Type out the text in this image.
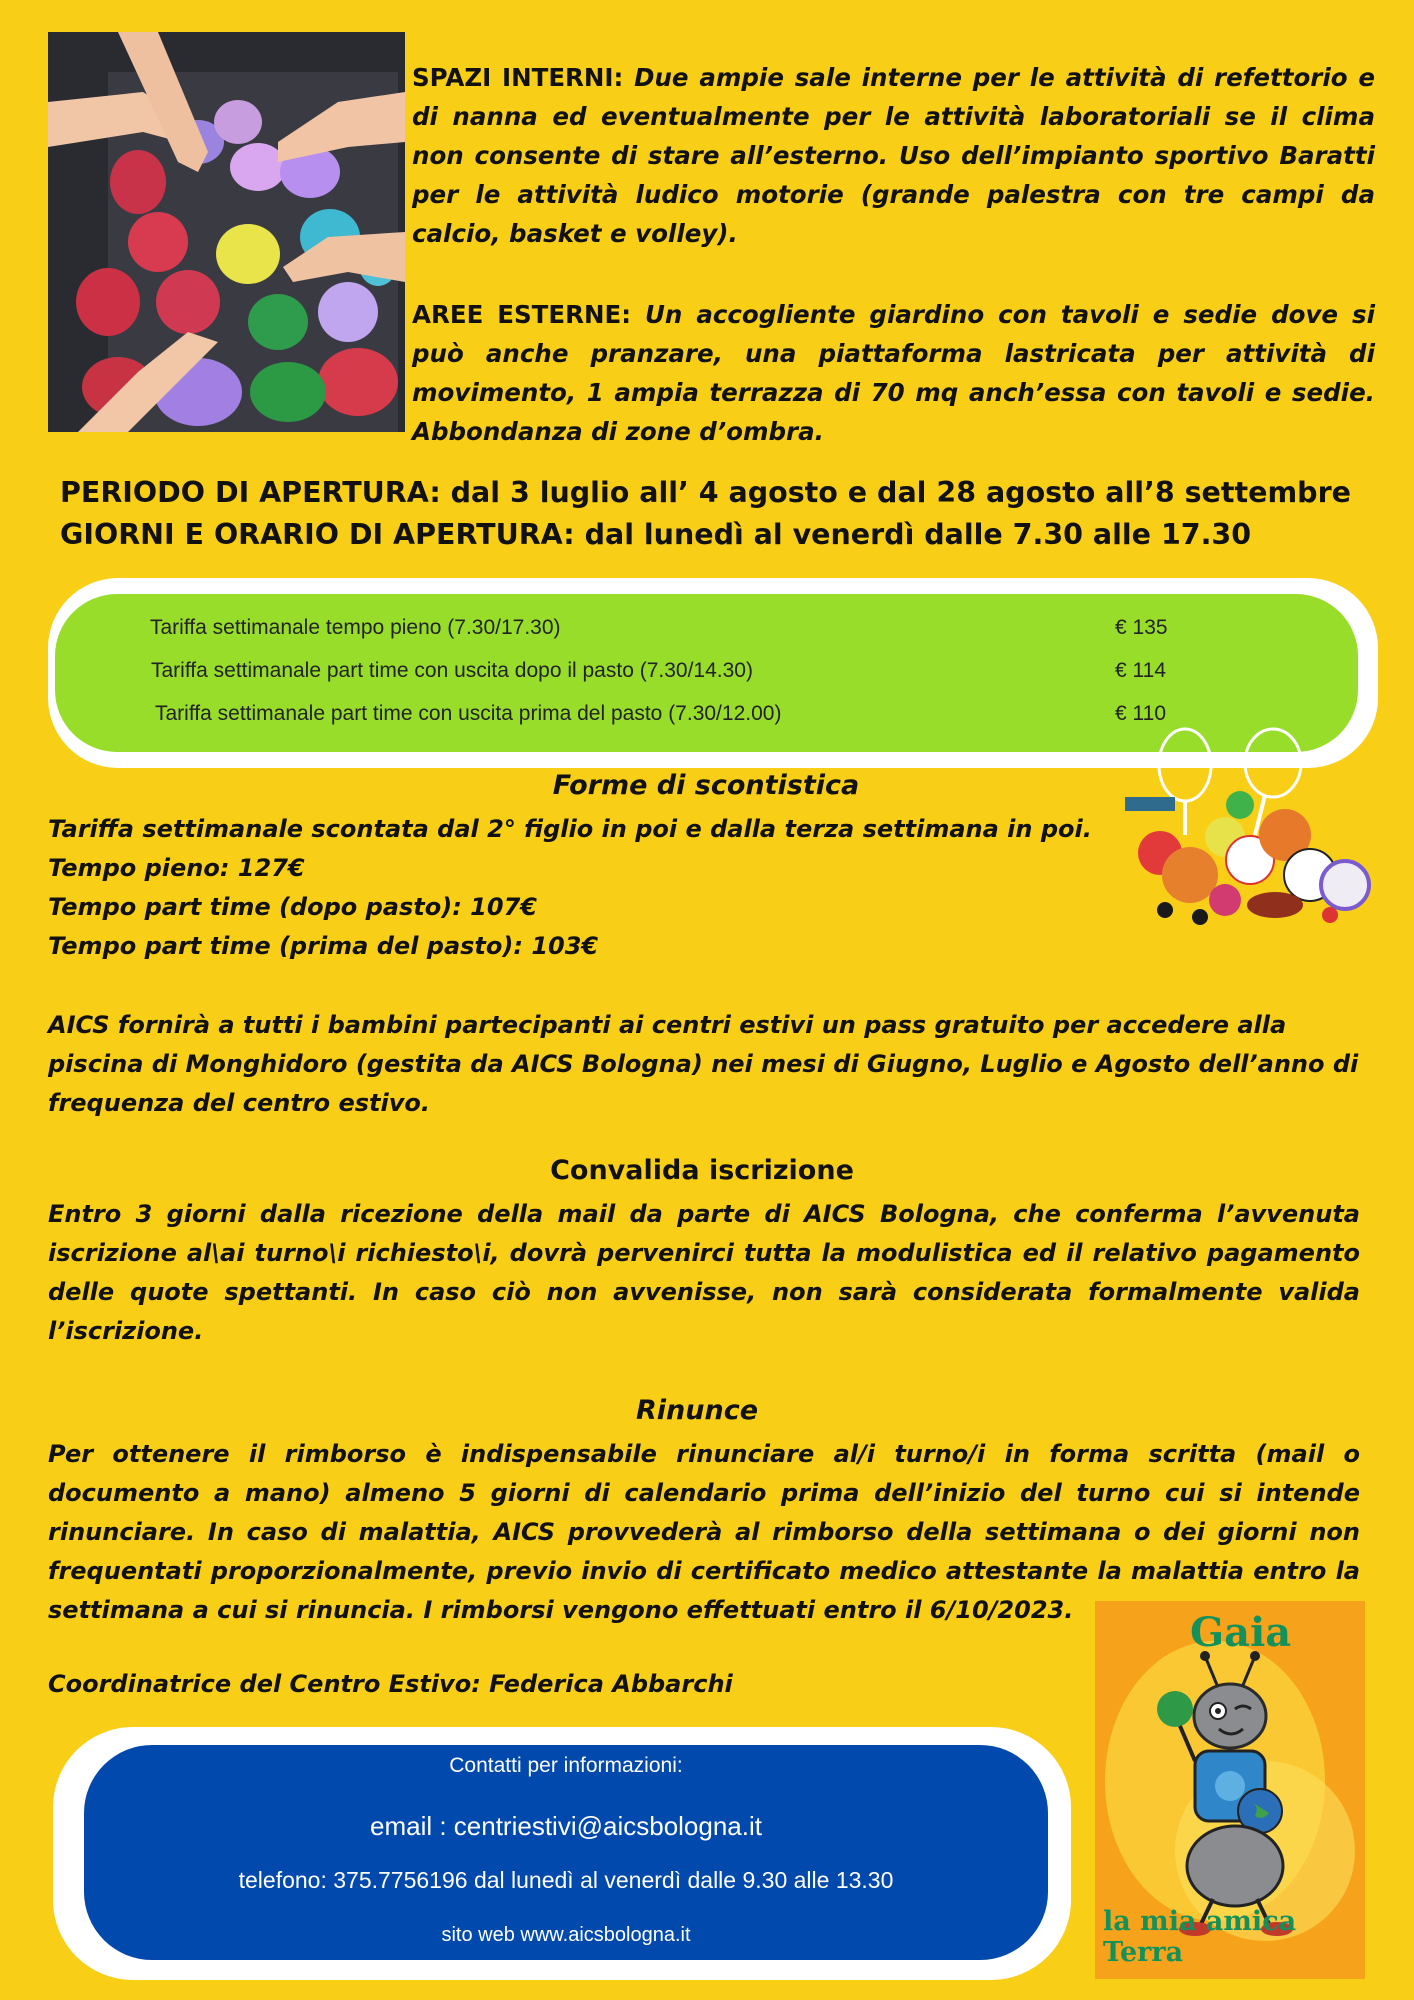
SPAZI INTERNI: Due ampie sale interne per le attività di refettorio e di nanna ed eventualmente per le attività laboratoriali se il clima non consente di stare all’esterno. Uso dell’impianto sportivo Baratti per le attività ludico motorie (grande palestra con tre campi da calcio, basket e volley).
AREE ESTERNE: Un accogliente giardino con tavoli e sedie dove si può anche pranzare, una piattaforma lastricata per attività di movimento, 1 ampia terrazza di 70 mq anch’essa con tavoli e sedie. Abbondanza di zone d’ombra.
PERIODO DI APERTURA: dal 3 luglio all’ 4 agosto e dal 28 agosto all’8 settembre
GIORNI E ORARIO DI APERTURA: dal lunedì al venerdì dalle 7.30 alle 17.30
Tariffa settimanale tempo pieno (7.30/17.30)	€ 135
Tariffa settimanale part time con uscita dopo il pasto (7.30/14.30)	€ 114
Tariffa settimanale part time con uscita prima del pasto (7.30/12.00)	€ 110
Forme di scontistica
Tariffa settimanale scontata dal 2° figlio in poi e dalla terza settimana in poi.
Tempo pieno: 127€
Tempo part time (dopo pasto): 107€
Tempo part time (prima del pasto): 103€
AICS fornirà a tutti i bambini partecipanti ai centri estivi un pass gratuito per accedere alla piscina di Monghidoro (gestita da AICS Bologna) nei mesi di Giugno, Luglio e Agosto dell’anno di frequenza del centro estivo.
Convalida iscrizione
Entro 3 giorni dalla ricezione della mail da parte di AICS Bologna, che conferma l’avvenuta iscrizione al\ai turno\i richiesto\i, dovrà pervenirci tutta la modulistica ed il relativo pagamento delle quote spettanti. In caso ciò non avvenisse, non sarà considerata formalmente valida l’iscrizione.
Rinunce
Per ottenere il rimborso è indispensabile rinunciare al/i turno/i in forma scritta (mail o documento a mano) almeno 5 giorni di calendario prima dell’inizio del turno cui si intende rinunciare. In caso di malattia, AICS provvederà al rimborso della settimana o dei giorni non frequentati proporzionalmente, previo invio di certificato medico attestante la malattia entro la settimana a cui si rinuncia. I rimborsi vengono effettuati entro il 6/10/2023.
Coordinatrice del Centro Estivo: Federica Abbarchi
Contatti per informazioni:
email : centriestivi@aicsbologna.it
telefono: 375.7756196 dal lunedì al venerdì dalle 9.30 alle 13.30
sito web www.aicsbologna.it
Gaia
la mia amica Terra
